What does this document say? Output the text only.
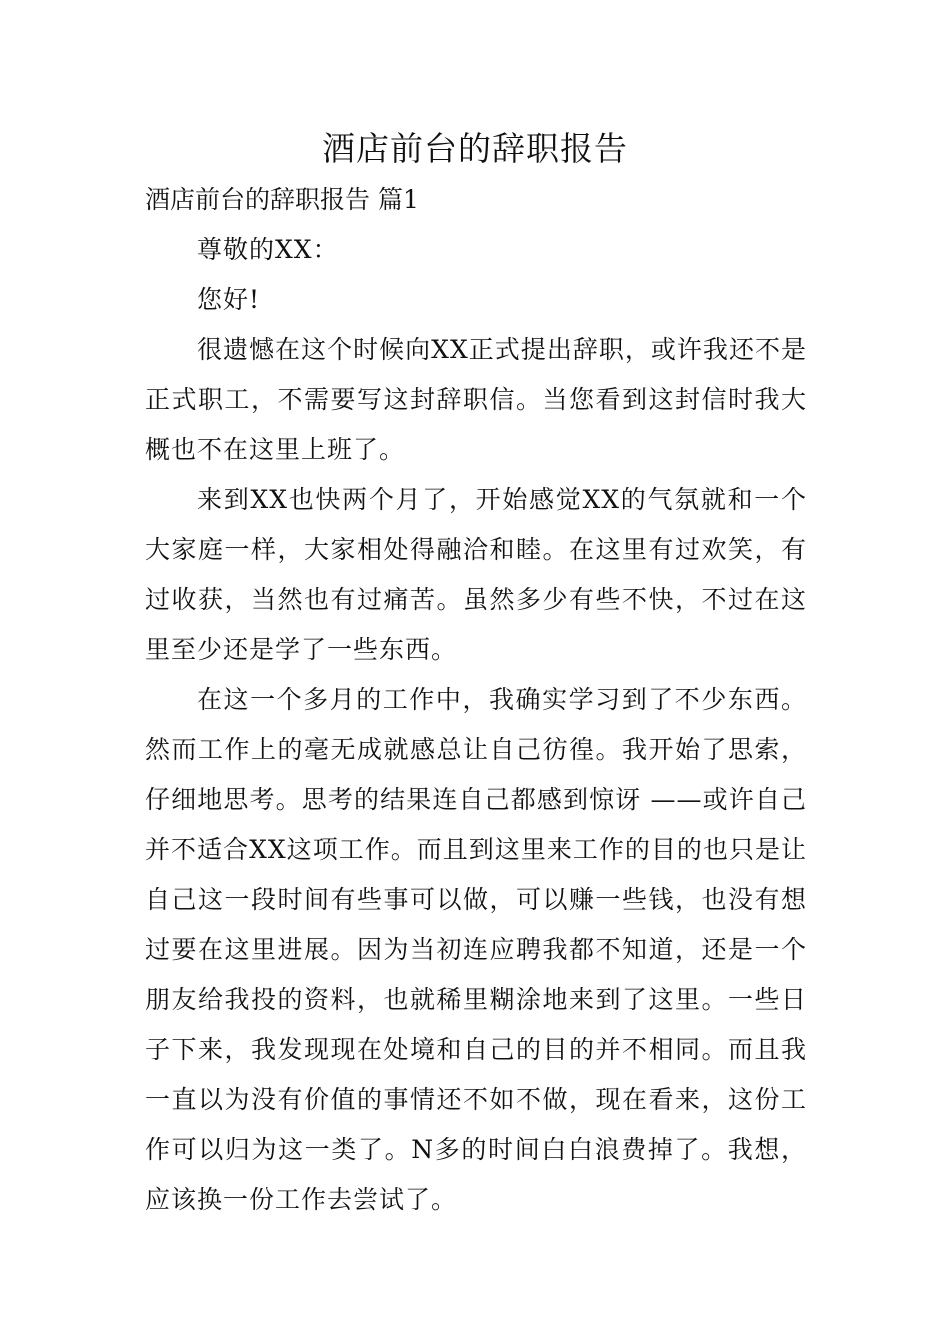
酒店前台的辞职报告

酒店前台的辞职报告 篇1

尊敬的XX：

您好!

很遗憾在这个时候向XX正式提出辞职，或许我还不是正式职工，不需要写这封辞职信。当您看到这封信时我大概也不在这里上班了。

来到XX也快两个月了，开始感觉XX的气氛就和一个大家庭一样，大家相处得融洽和睦。在这里有过欢笑，有过收获，当然也有过痛苦。虽然多少有些不快，不过在这里至少还是学了一些东西。

在这一个多月的工作中，我确实学习到了不少东西。然而工作上的毫无成就感总让自己彷徨。我开始了思索，仔细地思考。思考的结果连自己都感到惊讶 ——或许自己并不适合XX这项工作。而且到这里来工作的目的也只是让自己这一段时间有些事可以做，可以赚一些钱，也没有想过要在这里进展。因为当初连应聘我都不知道，还是一个朋友给我投的资料，也就稀里糊涂地来到了这里。一些日子下来，我发现现在处境和自己的目的并不相同。而且我一直以为没有价值的事情还不如不做，现在看来，这份工作可以归为这一类了。N多的时间白白浪费掉了。我想，应该换一份工作去尝试了。
